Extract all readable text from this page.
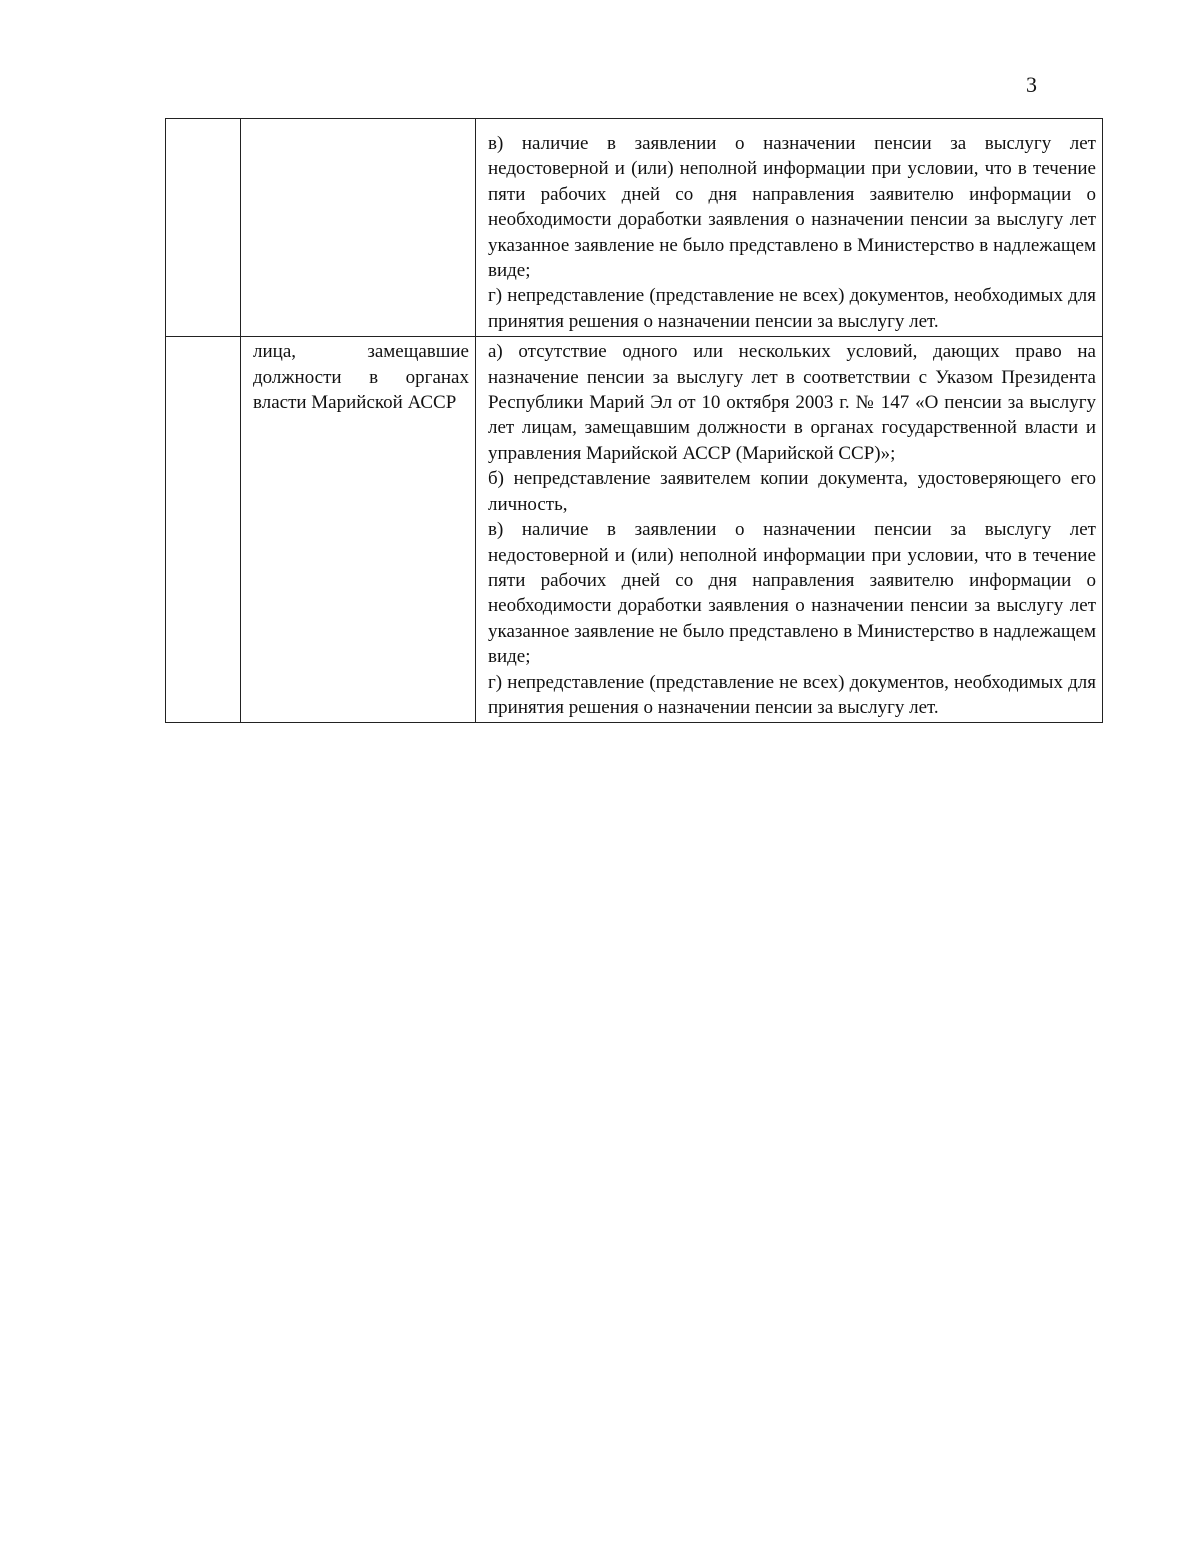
3

		в) наличие в заявлении о назначении пенсии за выслугу лет недостоверной и (или) неполной информации при условии, что в течение пяти рабочих дней со дня направления заявителю информации о необходимости доработки заявления о назначении пенсии за выслугу лет указанное заявление не было представлено в Министерство в надлежащем виде;

г) непредставление (представление не всех) документов, необходимых для принятия решения о назначении пенсии за выслугу лет.

	лица, замещавшие должности в органах власти Марийской АССР	а) отсутствие одного или нескольких условий, дающих право на назначение пенсии за выслугу лет в соответствии с Указом Президента Республики Марий Эл от 10 октября 2003 г. № 147 «О пенсии за выслугу лет лицам, замещавшим должности в органах государственной власти и управления Марийской АССР (Марийской ССР)»;

б) непредставление заявителем копии документа, удостоверяющего его личность,

в) наличие в заявлении о назначении пенсии за выслугу лет недостоверной и (или) неполной информации при условии, что в течение пяти рабочих дней со дня направления заявителю информации о необходимости доработки заявления о назначении пенсии за выслугу лет указанное заявление не было представлено в Министерство в надлежащем виде;

г) непредставление (представление не всех) документов, необходимых для принятия решения о назначении пенсии за выслугу лет.
